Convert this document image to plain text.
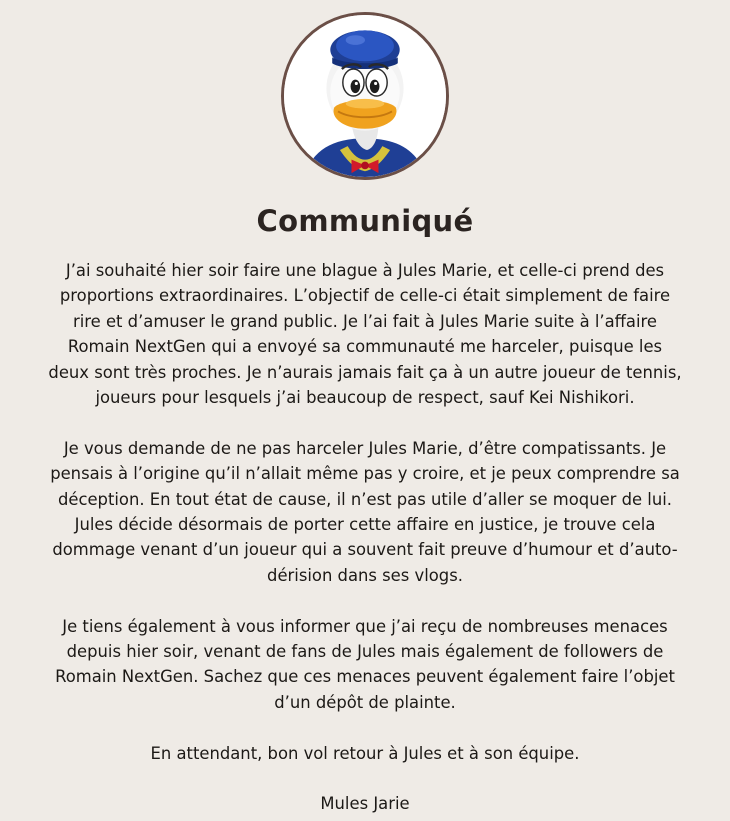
Communiqué
J’ai souhaité hier soir faire une blague à Jules Marie, et celle-ci prend des
proportions extraordinaires. L’objectif de celle-ci était simplement de faire
rire et d’amuser le grand public. Je l’ai fait à Jules Marie suite à l’affaire
Romain NextGen qui a envoyé sa communauté me harceler, puisque les
deux sont très proches. Je n’aurais jamais fait ça à un autre joueur de tennis,
joueurs pour lesquels j’ai beaucoup de respect, sauf Kei Nishikori.
Je vous demande de ne pas harceler Jules Marie, d’être compatissants. Je
pensais à l’origine qu’il n’allait même pas y croire, et je peux comprendre sa
déception. En tout état de cause, il n’est pas utile d’aller se moquer de lui.
Jules décide désormais de porter cette affaire en justice, je trouve cela
dommage venant d’un joueur qui a souvent fait preuve d’humour et d’auto-
dérision dans ses vlogs.
Je tiens également à vous informer que j’ai reçu de nombreuses menaces
depuis hier soir, venant de fans de Jules mais également de followers de
Romain NextGen. Sachez que ces menaces peuvent également faire l’objet
d’un dépôt de plainte.
En attendant, bon vol retour à Jules et à son équipe.
Mules Jarie
